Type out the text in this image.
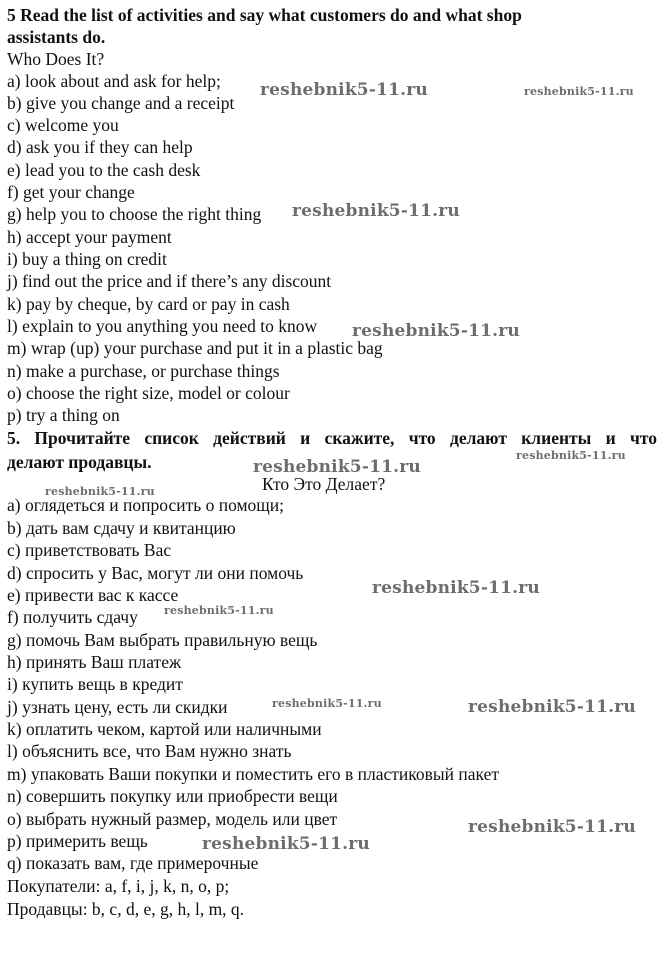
5 Read the list of activities and say what customers do and what shop
assistants do.
Who Does It?
a) look about and ask for help;
b) give you change and a receipt
c) welcome you
d) ask you if they can help
e) lead you to the cash desk
f) get your change
g) help you to choose the right thing
h) accept your payment
i) buy a thing on credit
j) find out the price and if there’s any discount
k) pay by cheque, by card or pay in cash
l) explain to you anything you need to know
m) wrap (up) your purchase and put it in a plastic bag
n) make a purchase, or purchase things
o) choose the right size, model or colour
p) try a thing on
5. Прочитайте список действий и скажите, что делают клиенты и что
делают продавцы.
Кто Это Делает?
a) оглядеться и попросить о помощи;
b) дать вам сдачу и квитанцию
c) приветствовать Вас
d) спросить у Вас, могут ли они помочь
e) привести вас к кассе
f) получить сдачу
g) помочь Вам выбрать правильную вещь
h) принять Ваш платеж
i) купить вещь в кредит
j) узнать цену, есть ли скидки
k) оплатить чеком, картой или наличными
l) объяснить все, что Вам нужно знать
m) упаковать Ваши покупки и поместить его в пластиковый пакет
n) совершить покупку или приобрести вещи
o) выбрать нужный размер, модель или цвет
p) примерить вещь
q) показать вам, где примерочные
Покупатели: a, f, i, j, k, n, o, p;
Продавцы: b, c, d, e, g, h, l, m, q.
reshebnik5-11.ru	reshebnik5-11.ru
reshebnik5-11.ru
reshebnik5-11.ru
reshebnik5-11.ru
reshebnik5-11.ru
reshebnik5-11.ru
reshebnik5-11.ru
reshebnik5-11.ru
reshebnik5-11.ru	reshebnik5-11.ru
reshebnik5-11.ru
reshebnik5-11.ru
